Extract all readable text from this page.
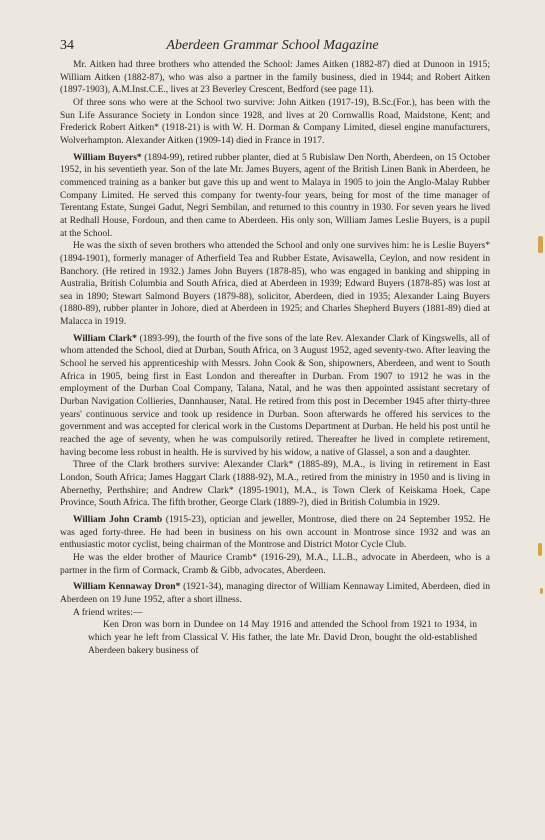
34	Aberdeen Grammar School Magazine

Mr. Aitken had three brothers who attended the School: James Aitken (1882-87) died at Dunoon in 1915; William Aitken (1882-87), who was also a partner in the family business, died in 1944; and Robert Aitken (1897-1903), A.M.Inst.C.E., lives at 23 Beverley Crescent, Bedford (see page 11).

Of three sons who were at the School two survive: John Aitken (1917-19), B.Sc.(For.), has been with the Sun Life Assurance Society in London since 1928, and lives at 20 Cornwallis Road, Maidstone, Kent; and Frederick Robert Aitken* (1918-21) is with W. H. Dorman & Company Limited, diesel engine manufacturers, Wolverhampton. Alexander Aitken (1909-14) died in France in 1917.

William Buyers* (1894-99), retired rubber planter, died at 5 Rubislaw Den North, Aberdeen, on 15 October 1952, in his seventieth year. Son of the late Mr. James Buyers, agent of the British Linen Bank in Aberdeen, he commenced training as a banker but gave this up and went to Malaya in 1905 to join the Anglo-Malay Rubber Company Limited. He served this company for twenty-four years, being for most of the time manager of Terentang Estate, Sungei Gadut, Negri Sembilan, and returned to this country in 1930. For seven years he lived at Redhall House, Fordoun, and then came to Aberdeen. His only son, William James Leslie Buyers, is a pupil at the School.

He was the sixth of seven brothers who attended the School and only one survives him: he is Leslie Buyers* (1894-1901), formerly manager of Atherfield Tea and Rubber Estate, Avisawella, Ceylon, and now resident in Banchory. (He retired in 1932.) James John Buyers (1878-85), who was engaged in banking and shipping in Australia, British Columbia and South Africa, died at Aberdeen in 1939; Edward Buyers (1878-85) was lost at sea in 1890; Stewart Salmond Buyers (1879-88), solicitor, Aberdeen, died in 1935; Alexander Laing Buyers (1880-89), rubber planter in Johore, died at Aberdeen in 1925; and Charles Shepherd Buyers (1881-89) died at Malacca in 1919.

William Clark* (1893-99), the fourth of the five sons of the late Rev. Alexander Clark of Kingswells, all of whom attended the School, died at Durban, South Africa, on 3 August 1952, aged seventy-two. After leaving the School he served his apprenticeship with Messrs. John Cook & Son, shipowners, Aberdeen, and went to South Africa in 1905, being first in East London and thereafter in Durban. From 1907 to 1912 he was in the employment of the Durban Coal Company, Talana, Natal, and he was then appointed assistant secretary of Durban Navigation Collieries, Dannhauser, Natal. He retired from this post in December 1945 after thirty-three years' continuous service and took up residence in Durban. Soon afterwards he offered his services to the government and was accepted for clerical work in the Customs Department at Durban. He held his post until he reached the age of seventy, when he was compulsorily retired. Thereafter he lived in complete retirement, having become less robust in health. He is survived by his widow, a native of Glassel, a son and a daughter.

Three of the Clark brothers survive: Alexander Clark* (1885-89), M.A., is living in retirement in East London, South Africa; James Haggart Clark (1888-92), M.A., retired from the ministry in 1950 and is living in Abernethy, Perthshire; and Andrew Clark* (1895-1901), M.A., is Town Clerk of Keiskama Hoek, Cape Province, South Africa. The fifth brother, George Clark (1889-?), died in British Columbia in 1929.

William John Cramb (1915-23), optician and jeweller, Montrose, died there on 24 September 1952. He was aged forty-three. He had been in business on his own account in Montrose since 1932 and was an enthusiastic motor cyclist, being chairman of the Montrose and District Motor Cycle Club.

He was the elder brother of Maurice Cramb* (1916-29), M.A., LL.B., advocate in Aberdeen, who is a partner in the firm of Cormack, Cramb & Gibb, advocates, Aberdeen.

William Kennaway Dron* (1921-34), managing director of William Kennaway Limited, Aberdeen, died in Aberdeen on 19 June 1952, after a short illness.

A friend writes:—

Ken Dron was born in Dundee on 14 May 1916 and attended the School from 1921 to 1934, in which year he left from Classical V. His father, the late Mr. David Dron, bought the old-established Aberdeen bakery business of
